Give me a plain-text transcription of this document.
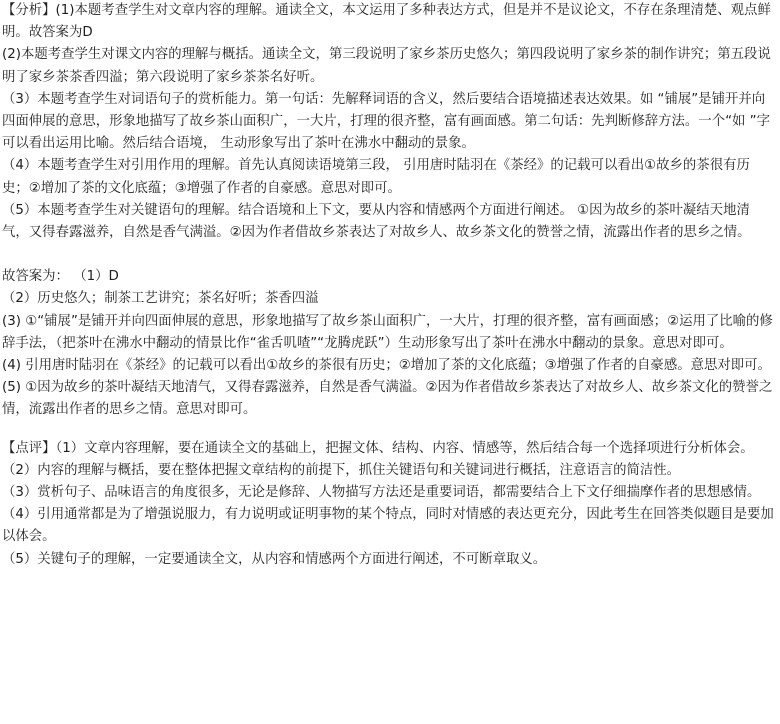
【分析】(1)本题考查学生对文章内容的理解。通读全文，本文运用了多种表达方式，但是并不是议论文，不存在条理清楚、观点鲜明。故答案为D

(2)本题考查学生对课文内容的理解与概括。通读全文，第三段说明了家乡茶历史悠久；第四段说明了家乡茶的制作讲究；第五段说明了家乡茶茶香四溢；第六段说明了家乡茶茶名好听。

（3）本题考查学生对词语句子的赏析能力。第一句话：先解释词语的含义，然后要结合语境描述表达效果。如 “铺展”是铺开并向四面伸展的意思，形象地描写了故乡茶山面积广，一大片，打理的很齐整，富有画面感。第二句话：先判断修辞方法。一个“如 ”字可以看出运用比喻。然后结合语境， 生动形象写出了茶叶在沸水中翻动的景象。

（4）本题考查学生对引用作用的理解。首先认真阅读语境第三段， 引用唐时陆羽在《茶经》的记载可以看出①故乡的茶很有历史；②增加了茶的文化底蕴；③增强了作者的自豪感。意思对即可。

（5）本题考查学生对关键语句的理解。结合语境和上下文，要从内容和情感两个方面进行阐述。 ①因为故乡的茶叶凝结天地清气，又得春露滋养，自然是香气满溢。②因为作者借故乡茶表达了对故乡人、故乡茶文化的赞誉之情，流露出作者的思乡之情。

故答案为： （1）D

（2）历史悠久；制茶工艺讲究；茶名好听；茶香四溢

(3) ①“铺展”是铺开并向四面伸展的意思，形象地描写了故乡茶山面积广，一大片，打理的很齐整，富有画面感；②运用了比喻的修辞手法，（把茶叶在沸水中翻动的情景比作“雀舌叽喳”“龙腾虎跃”）生动形象写出了茶叶在沸水中翻动的景象。意思对即可。

(4) 引用唐时陆羽在《茶经》的记载可以看出①故乡的茶很有历史；②增加了茶的文化底蕴；③增强了作者的自豪感。意思对即可。

(5) ①因为故乡的茶叶凝结天地清气，又得春露滋养，自然是香气满溢。②因为作者借故乡茶表达了对故乡人、故乡茶文化的赞誉之情，流露出作者的思乡之情。意思对即可。

【点评】（1）文章内容理解，要在通读全文的基础上，把握文体、结构、内容、情感等，然后结合每一个选择项进行分析体会。

（2）内容的理解与概括，要在整体把握文章结构的前提下，抓住关键语句和关键词进行概括，注意语言的简洁性。

（3）赏析句子、品味语言的角度很多，无论是修辞、人物描写方法还是重要词语，都需要结合上下文仔细揣摩作者的思想感情。

（4）引用通常都是为了增强说服力，有力说明或证明事物的某个特点，同时对情感的表达更充分，因此考生在回答类似题目是要加以体会。

（5）关键句子的理解，一定要通读全文，从内容和情感两个方面进行阐述，不可断章取义。
